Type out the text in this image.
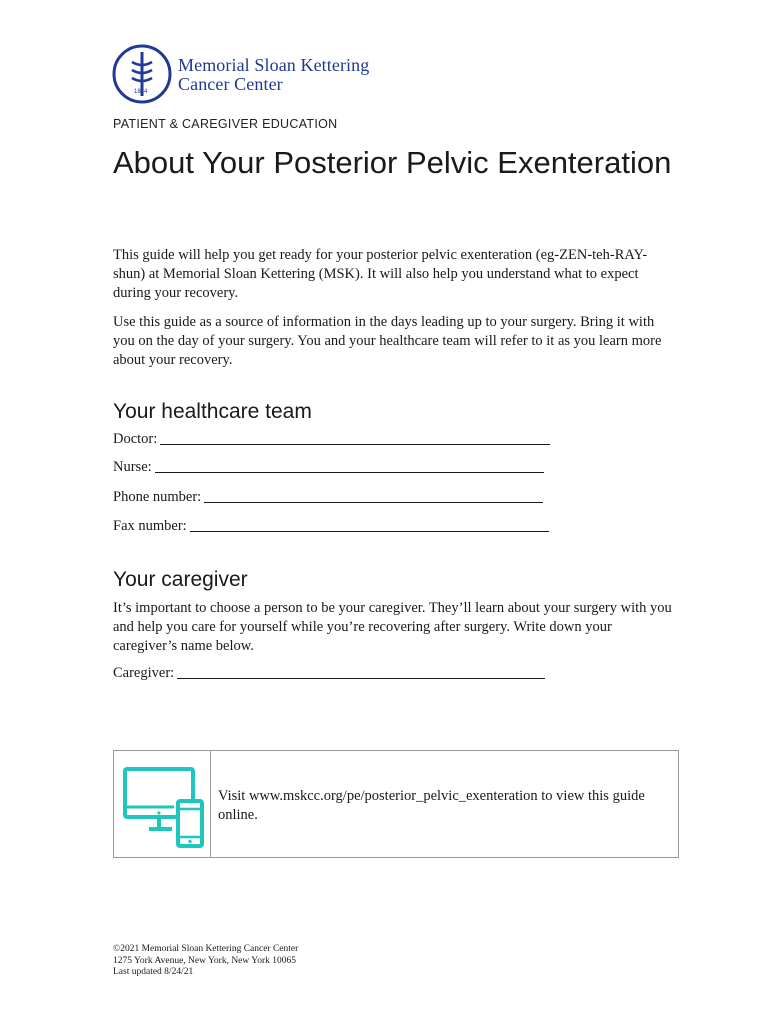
1884
Memorial Sloan Kettering
Cancer Center
PATIENT & CAREGIVER EDUCATION
About Your Posterior Pelvic Exenteration

This guide will help you get ready for your posterior pelvic exenteration (eg-ZEN-teh-RAY-shun) at Memorial Sloan Kettering (MSK). It will also help you understand what to expect during your recovery.

Use this guide as a source of information in the days leading up to your surgery. Bring it with you on the day of your surgery. You and your healthcare team will refer to it as you learn more about your recovery.

Your healthcare team
Doctor:
Nurse:
Phone number:
Fax number:
Your caregiver

It’s important to choose a person to be your caregiver. They’ll learn about your surgery with you and help you care for yourself while you’re recovering after surgery. Write down your caregiver’s name below.

Caregiver:
Visit www.mskcc.org/pe/posterior_pelvic_exenteration to view this guide online.
©2021 Memorial Sloan Kettering Cancer Center
1275 York Avenue, New York, New York 10065
Last updated 8/24/21
